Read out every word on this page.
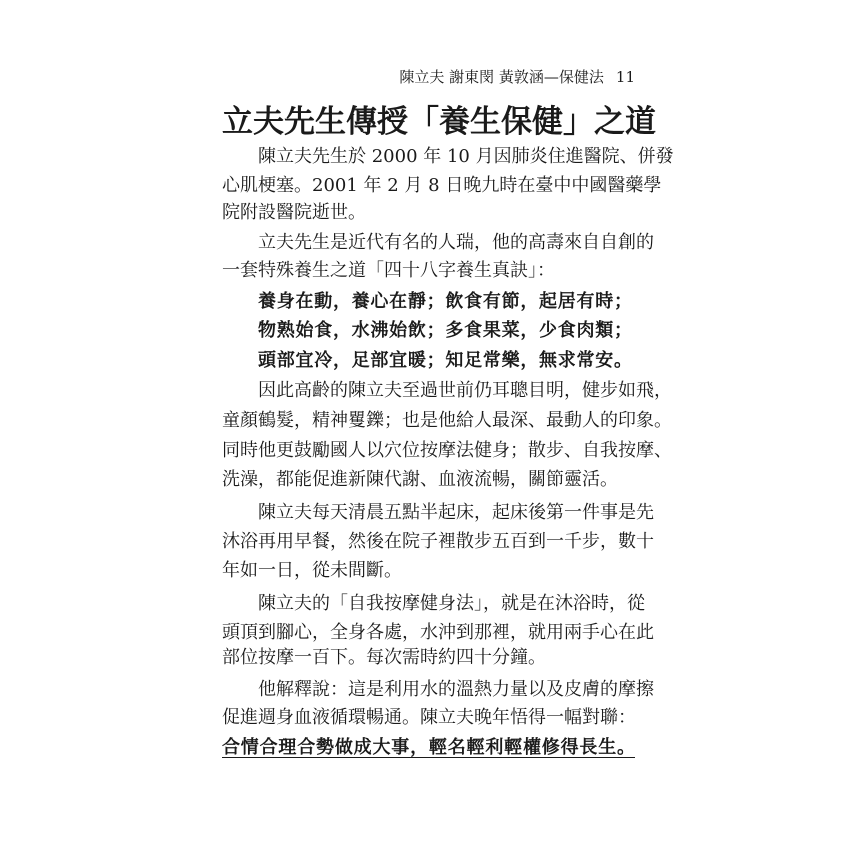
陳立夫 謝東閔 黃敦涵—保健法 11
立夫先生傳授「養生保健」之道
陳立夫先生於 2000 年 10 月因肺炎住進醫院、併發
心肌梗塞。2001 年 2 月 8 日晚九時在臺中中國醫藥學
院附設醫院逝世。
立夫先生是近代有名的人瑞，他的高壽來自自創的
一套特殊養生之道「四十八字養生真訣」：
養身在動，養心在靜；飲食有節，起居有時；
物熟始食，水沸始飲；多食果菜，少食肉類；
頭部宜冷，足部宜暖；知足常樂，無求常安。
因此高齡的陳立夫至過世前仍耳聰目明，健步如飛，
童顏鶴髮，精神矍鑠；也是他給人最深、最動人的印象。
同時他更鼓勵國人以穴位按摩法健身；散步、自我按摩、
洗澡，都能促進新陳代謝、血液流暢，關節靈活。
陳立夫每天清晨五點半起床，起床後第一件事是先
沐浴再用早餐，然後在院子裡散步五百到一千步，數十
年如一日，從未間斷。
陳立夫的「自我按摩健身法」，就是在沐浴時，從
頭頂到腳心，全身各處，水沖到那裡，就用兩手心在此
部位按摩一百下。每次需時約四十分鐘。
他解釋說：這是利用水的溫熱力量以及皮膚的摩擦
促進週身血液循環暢通。陳立夫晚年悟得一幅對聯：
合情合理合勢做成大事，輕名輕利輕權修得長生。
